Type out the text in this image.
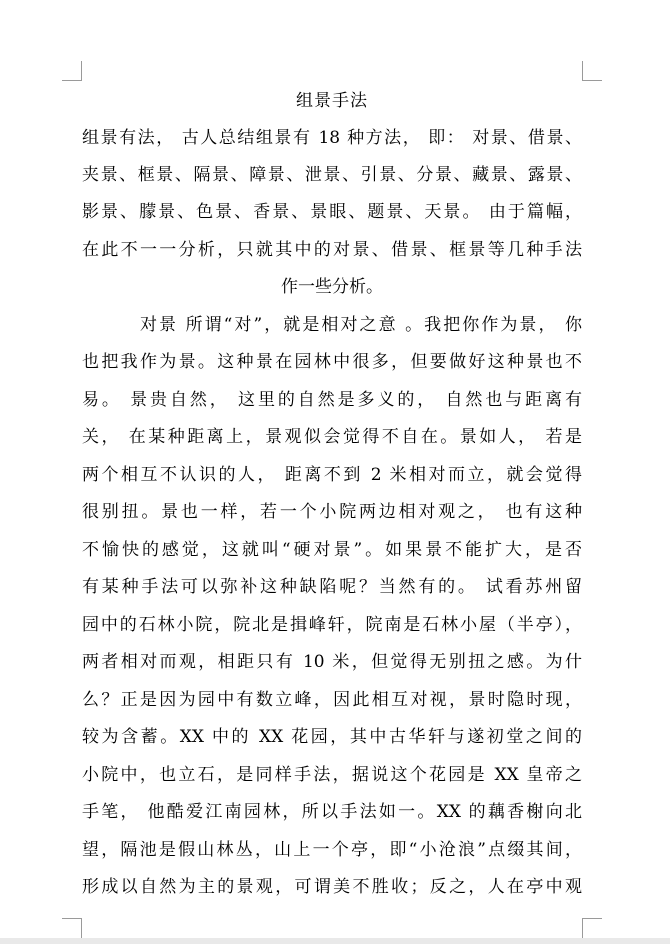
组景手法
组景有法， 古人总结组景有 18 种方法， 即： 对景、借景、
夹景、框景、隔景、障景、泄景、引景、分景、藏景、露景、
影景、朦景、色景、香景、景眼、题景、天景。 由于篇幅，
在此不一一分析，只就其中的对景、借景、框景等几种手法
作一些分析。
对景 所谓“对”，就是相对之意 。我把你作为景， 你
也把我作为景。这种景在园林中很多，但要做好这种景也不
易。 景贵自然， 这里的自然是多义的， 自然也与距离有
关， 在某种距离上，景观似会觉得不自在。景如人， 若是
两个相互不认识的人， 距离不到 2 米相对而立，就会觉得
很别扭。景也一样，若一个小院两边相对观之， 也有这种
不愉快的感觉，这就叫“硬对景”。如果景不能扩大，是否
有某种手法可以弥补这种缺陷呢？当然有的。 试看苏州留
园中的石林小院，院北是揖峰轩，院南是石林小屋（半亭），
两者相对而观，相距只有 10 米，但觉得无别扭之感。为什
么？正是因为园中有数立峰，因此相互对视，景时隐时现，
较为含蓄。XX 中的 XX 花园，其中古华轩与遂初堂之间的
小院中，也立石，是同样手法，据说这个花园是 XX 皇帝之
手笔， 他酷爱江南园林，所以手法如一。XX 的藕香榭向北
望，隔池是假山林丛，山上一个亭，即“小沧浪”点缀其间，
形成以自然为主的景观，可谓美不胜收；反之，人在亭中观
